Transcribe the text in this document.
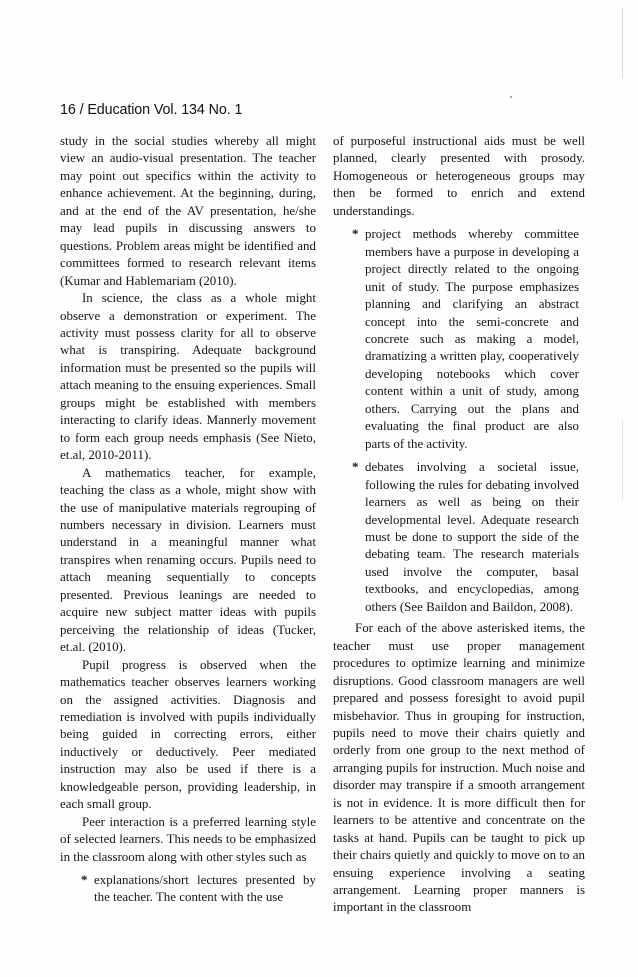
16 / Education Vol. 134 No. 1

study in the social studies whereby all might view an audio-visual presentation. The teacher may point out specifics within the activity to enhance achievement. At the beginning, during, and at the end of the AV presentation, he/she may lead pupils in discussing answers to questions. Problem areas might be identified and committees formed to research relevant items (Kumar and Hablemariam (2010).

In science, the class as a whole might observe a demonstration or experiment. The activity must possess clarity for all to observe what is transpiring. Adequate background information must be presented so the pupils will attach meaning to the ensuing experiences. Small groups might be established with members interacting to clarify ideas. Mannerly movement to form each group needs emphasis (See Nieto, et.al, 2010-2011).

A mathematics teacher, for example, teaching the class as a whole, might show with the use of manipulative materials regrouping of numbers necessary in division. Learners must understand in a meaningful manner what transpires when renaming occurs. Pupils need to attach meaning sequentially to concepts presented. Previous leanings are needed to acquire new subject matter ideas with pupils perceiving the relationship of ideas (Tucker, et.al. (2010).

Pupil progress is observed when the mathematics teacher observes learners working on the assigned activities. Diagnosis and remediation is involved with pupils individually being guided in correcting errors, either inductively or deductively. Peer mediated instruction may also be used if there is a knowledgeable person, providing leadership, in each small group.

Peer interaction is a preferred learning style of selected learners. This needs to be emphasized in the classroom along with other styles such as

* explanations/short lectures presented by the teacher. The content with the use

of purposeful instructional aids must be well planned, clearly presented with prosody. Homogeneous or heterogeneous groups may then be formed to enrich and extend understandings.

* project methods whereby committee members have a purpose in developing a project directly related to the ongoing unit of study. The purpose emphasizes planning and clarifying an abstract concept into the semi-concrete and concrete such as making a model, dramatizing a written play, cooperatively developing notebooks which cover content within a unit of study, among others. Carrying out the plans and evaluating the final product are also parts of the activity.
* debates involving a societal issue, following the rules for debating involved learners as well as being on their developmental level. Adequate research must be done to support the side of the debating team. The research materials used involve the computer, basal textbooks, and encyclopedias, among others (See Baildon and Baildon, 2008).

For each of the above asterisked items, the teacher must use proper management procedures to optimize learning and minimize disruptions. Good classroom managers are well prepared and possess foresight to avoid pupil misbehavior. Thus in grouping for instruction, pupils need to move their chairs quietly and orderly from one group to the next method of arranging pupils for instruction. Much noise and disorder may transpire if a smooth arrangement is not in evidence. It is more difficult then for learners to be attentive and concentrate on the tasks at hand. Pupils can be taught to pick up their chairs quietly and quickly to move on to an ensuing experience involving a seating arrangement. Learning proper manners is important in the classroom
